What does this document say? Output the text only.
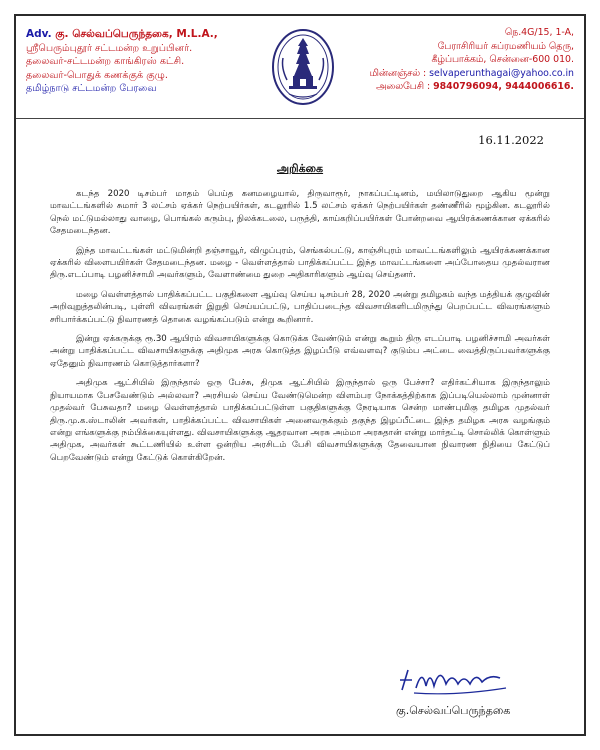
Adv. கு. செல்வப்பெருந்தகை, M.L.A.,
ஸ்ரீபெரும்புதூர் சட்டமன்ற உறுப்பினர்.
தலைவர்-சட்டமன்ற காங்கிரஸ் கட்சி.
தலைவர்-பொதுக் கணக்குக் குழு.
தமிழ்நாடு சட்டமன்ற பேரவை
நெ.4G/15, 1-A,
பேராசிரியர் சுப்ரமணியம் தெரு,
கீழ்ப்பாக்கம், சென்னை-600 010.
மின்னஞ்சல் : selvaperunthagai@yahoo.co.in
அலைபேசி : 9840796094, 9444006616.
16.11.2022
அறிக்கை

கடந்த 2020 டிசம்பர் மாதம் பெய்த கனமழையால், திருவாரூர், நாகப்பட்டினம், மயிலாடுதுறை ஆகிய மூன்று மாவட்டங்களில் சுமார் 3 லட்சம் ஏக்கர் நெற்பயிர்கள், கடலூரில் 1.5 லட்சம் ஏக்கர் நெற்பயிர்கள் தண்ணீரில் மூழ்கின. கடலூரில் நெல் மட்டுமல்லாது வாழை, பொங்கல் கரும்பு, நிலக்கடலை, பருத்தி, காய்கறிப்பயிர்கள் போன்றவை ஆயிரக்கணக்கான ஏக்கரில் சேதமடைந்தன.

இந்த மாவட்டங்கள் மட்டுமின்றி தஞ்சாவூர், விழுப்புரம், செங்கல்பட்டு, காஞ்சிபுரம் மாவட்டங்களிலும் ஆயிரக்கணக்கான ஏக்கரில் விளைபயிர்கள் சேதமடைந்தன. மழை - வெள்ளத்தால் பாதிக்கப்பட்ட இந்த மாவட்டங்களை அப்போதைய முதல்வரான திரு.எடப்பாடி பழனிச்சாமி அவர்களும், வேளாண்மை துறை அதிகாரிகளும் ஆய்வு செய்தனர்.

மழை வெள்ளத்தால் பாதிக்கப்பட்ட பகுதிகளை ஆய்வு செய்ய டிசம்பர் 28, 2020 அன்று தமிழகம் வந்த மத்தியக் குழுவின் அறிவுறுத்தலின்படி, புள்ளி விவரங்கள் இறுதி செய்யப்பட்டு, பாதிப்படைந்த விவசாயிகளிடமிருந்து பெறப்பட்ட விவரங்களும் சரிபார்க்கப்பட்டு நிவாரணத் தொகை வழங்கப்படும் என்று கூறினார்.

இன்று ஏக்கருக்கு ரூ.30 ஆயிரம் விவசாயிகளுக்கு கொடுக்க வேண்டும் என்று கூறும் திரு எடப்பாடி பழனிச்சாமி அவர்கள் அன்று பாதிக்கப்பட்ட விவசாயிகளுக்கு அதிமுக அரசு கொடுத்த இழப்பீடு எவ்வளவு? குடும்ப அட்டை வைத்திருப்பவர்களுக்கு ஏதேனும் நிவாரணம் கொடுத்தார்களா?

அதிமுக ஆட்சியில் இருந்தால் ஒரு பேச்சு, திமுக ஆட்சியில் இருந்தால் ஒரு பேச்சா? எதிர்கட்சியாக இருந்தாலும் நியாயமாக பேசவேண்டும் அல்லவா? அரசியல் செய்ய வேண்டுமென்ற விளம்பர நோக்கத்திற்காக இப்படியெல்லாம் முன்னாள் முதல்வர் பேசுவதா? மழை வெள்ளத்தால் பாதிக்கப்பட்டுள்ள பகுதிகளுக்கு நேரடியாக சென்ற மாண்புமிகு தமிழக முதல்வர் திரு.மு.க.ஸ்டாலின் அவர்கள், பாதிக்கப்பட்ட விவசாயிகள் அனைவருக்கும் தகுந்த இழப்பீட்டை இந்த தமிழக அரசு வழங்கும் என்று எங்களுக்கு நம்பிக்கையுள்ளது. விவசாயிகளுக்கு ஆதரவான அரசு அம்மா அரசுதான் என்று மார்தட்டி சொல்லிக் கொள்ளும் அதிமுக, அவர்கள் கூட்டணியில் உள்ள ஒன்றிய அரசிடம் பேசி விவசாயிகளுக்கு தேவையான நிவாரண நிதியை கேட்டுப் பெறவேண்டும் என்று கேட்டுக் கொள்கிறேன்.

கு.செல்வப்பெருந்தகை
